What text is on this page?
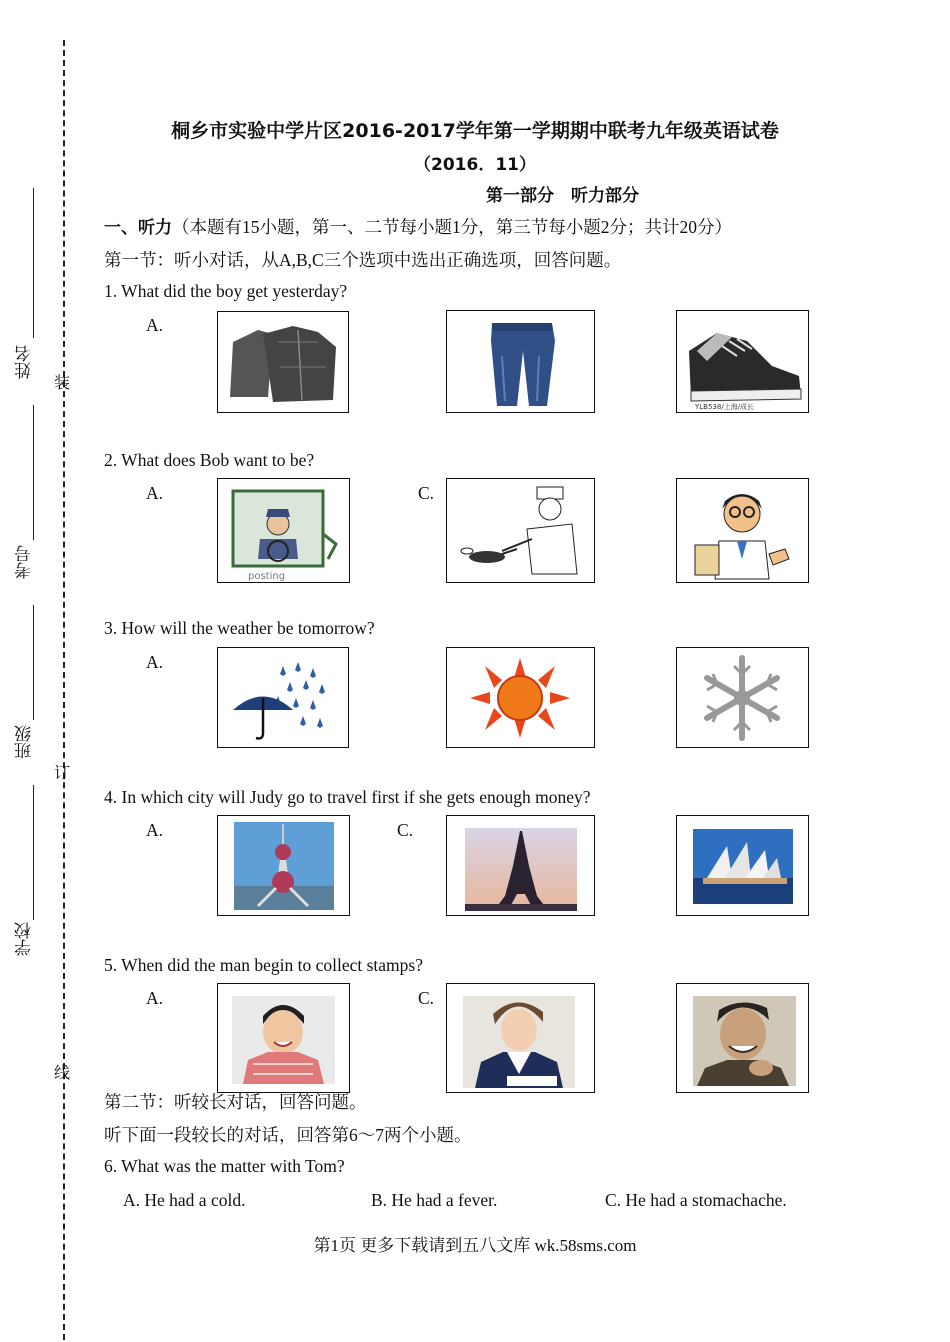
姓名
考号
班级
学校
装
订
线
桐乡市实验中学片区2016-2017学年第一学期期中联考九年级英语试卷
（2016．11）
第一部分　听力部分
一、听力（本题有15小题，第一、二节每小题1分，第三节每小题2分；共计20分）
第一节：听小对话，从A,B,C三个选项中选出正确选项，回答问题。
1. What did the boy get yesterday?
A.
YLB538/上海/成长
2. What does Bob want to be?
A.	C.
posting
3. How will the weather be tomorrow?
A.
4. In which city will Judy go to travel first if she gets enough money?
A.	C.
5. When did the man begin to collect stamps?
A.	C.
第二节：听较长对话，回答问题。
听下面一段较长的对话，回答第6～7两个小题。
6. What was the matter with Tom?
A. He had a cold.	B. He had a fever.	C. He had a stomachache.
第1页 更多下载请到五八文库 wk.58sms.com
